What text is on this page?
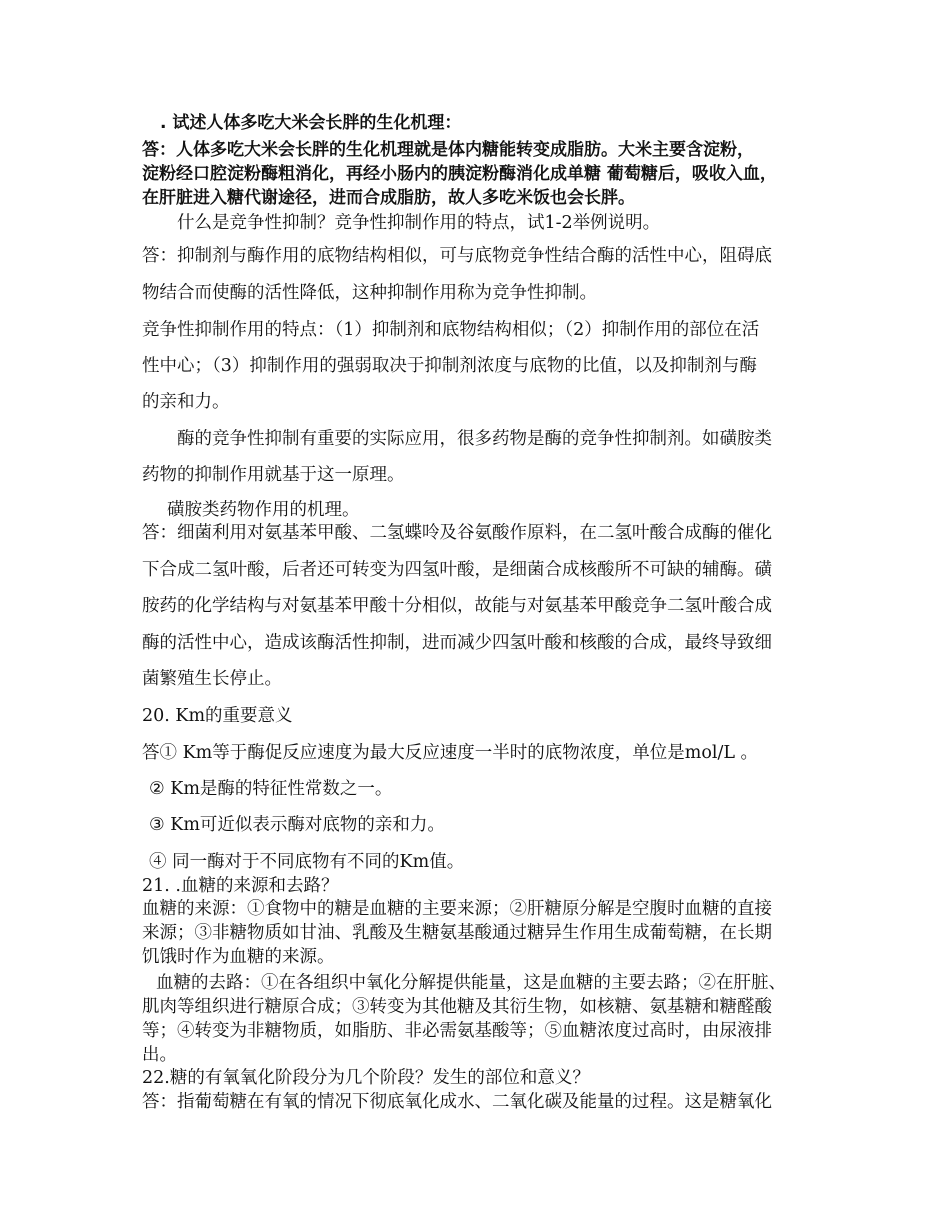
. 试述人体多吃大米会长胖的生化机理：
答：人体多吃大米会长胖的生化机理就是体内糖能转变成脂肪。大米主要含淀粉，
淀粉经口腔淀粉酶粗消化，再经小肠内的胰淀粉酶消化成单糖 葡萄糖后，吸收入血，
在肝脏进入糖代谢途径，进而合成脂肪，故人多吃米饭也会长胖。
什么是竞争性抑制？竞争性抑制作用的特点，试1-2举例说明。
答：抑制剂与酶作用的底物结构相似，可与底物竞争性结合酶的活性中心，阻碍底
物结合而使酶的活性降低，这种抑制作用称为竞争性抑制。
竞争性抑制作用的特点：（1）抑制剂和底物结构相似；（2）抑制作用的部位在活
性中心；（3）抑制作用的强弱取决于抑制剂浓度与底物的比值，以及抑制剂与酶
的亲和力。
酶的竞争性抑制有重要的实际应用，很多药物是酶的竞争性抑制剂。如磺胺类
药物的抑制作用就基于这一原理。
磺胺类药物作用的机理。
答：细菌利用对氨基苯甲酸、二氢蝶呤及谷氨酸作原料，在二氢叶酸合成酶的催化
下合成二氢叶酸，后者还可转变为四氢叶酸，是细菌合成核酸所不可缺的辅酶。磺
胺药的化学结构与对氨基苯甲酸十分相似，故能与对氨基苯甲酸竞争二氢叶酸合成
酶的活性中心，造成该酶活性抑制，进而减少四氢叶酸和核酸的合成，最终导致细
菌繁殖生长停止。
20. Km的重要意义
答① Km等于酶促反应速度为最大反应速度一半时的底物浓度，单位是mol/L 。
② Km是酶的特征性常数之一。
③ Km可近似表示酶对底物的亲和力。
④ 同一酶对于不同底物有不同的Km值。
21. .血糖的来源和去路？
血糖的来源：①食物中的糖是血糖的主要来源；②肝糖原分解是空腹时血糖的直接
来源；③非糖物质如甘油、乳酸及生糖氨基酸通过糖异生作用生成葡萄糖，在长期
饥饿时作为血糖的来源。
血糖的去路：①在各组织中氧化分解提供能量，这是血糖的主要去路；②在肝脏、
肌肉等组织进行糖原合成；③转变为其他糖及其衍生物，如核糖、氨基糖和糖醛酸
等；④转变为非糖物质，如脂肪、非必需氨基酸等；⑤血糖浓度过高时，由尿液排
出。
22.糖的有氧氧化阶段分为几个阶段？发生的部位和意义？
答：指葡萄糖在有氧的情况下彻底氧化成水、二氧化碳及能量的过程。这是糖氧化
